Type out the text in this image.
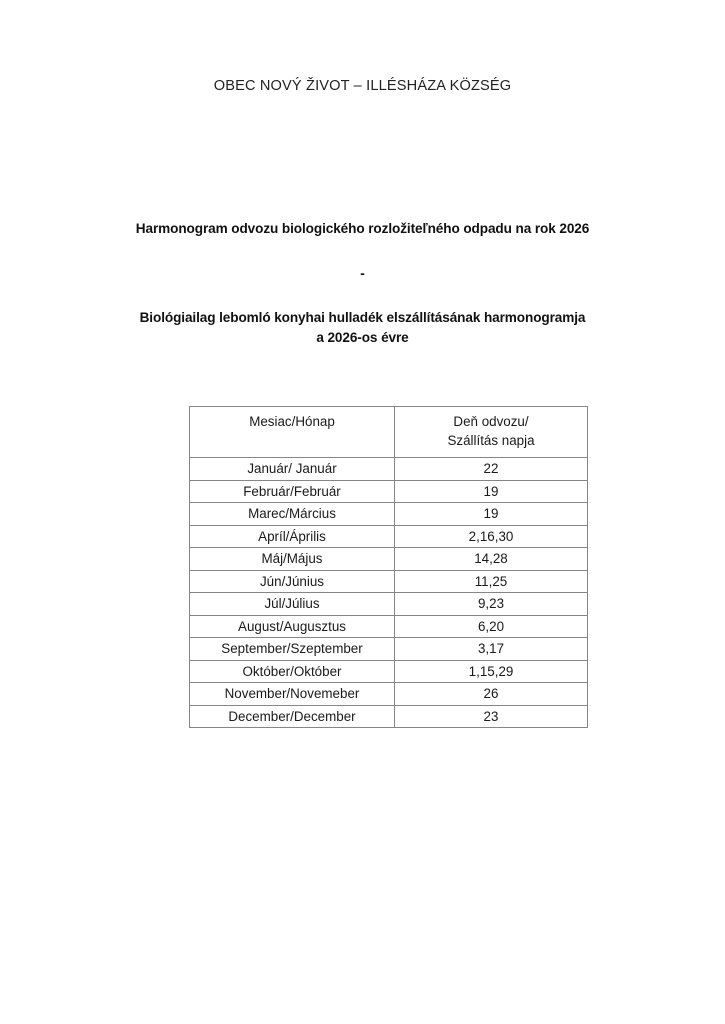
OBEC NOVÝ ŽIVOT – ILLÉSHÁZA KÖZSÉG
Harmonogram odvozu biologického rozložiteľného odpadu na rok 2026
-
Biológiailag lebomló konyhai hulladék elszállításának harmonogramja
a 2026-os évre
Mesiac/Hónap	Deň odvozu/
Szállítás napja

Január/ Január	22
Február/Február	19
Marec/Március	19
Apríl/Április	2,16,30
Máj/Május	14,28
Jún/Június	11,25
Júl/Július	9,23
August/Augusztus	6,20
September/Szeptember	3,17
Október/Október	1,15,29
November/Novemeber	26
December/December	23
